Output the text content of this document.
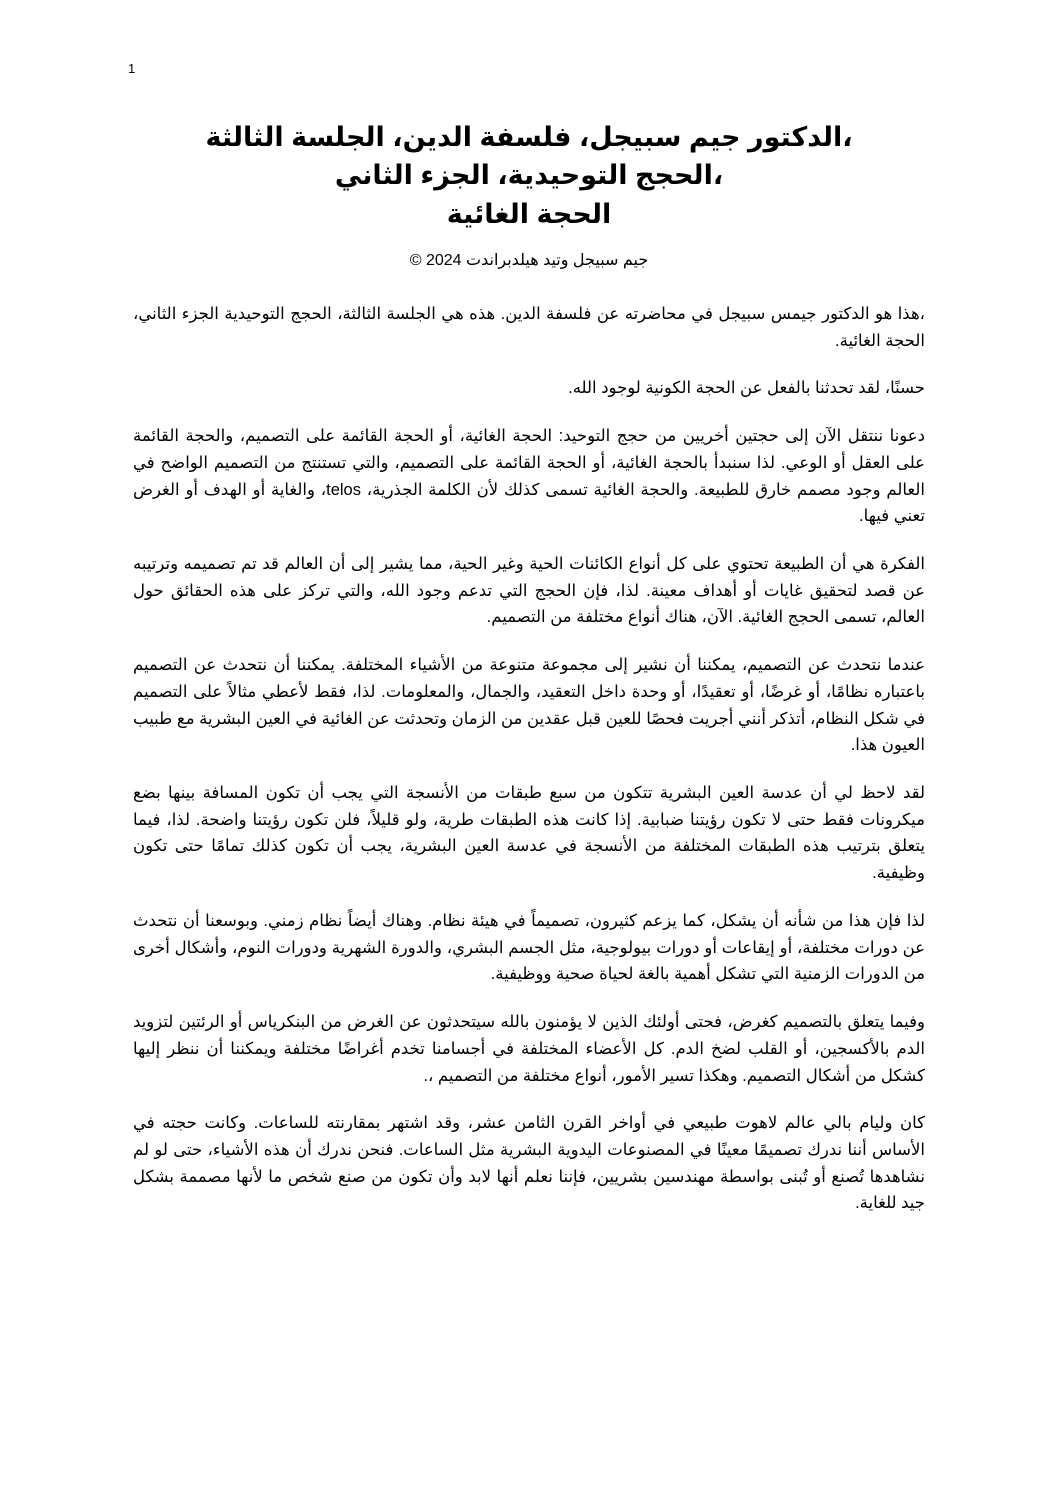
1
،الدكتور جيم سبيجل، فلسفة الدين، الجلسة الثالثة
،الحجج التوحيدية، الجزء الثاني
الحجة الغائية

جيم سبيجل وتيد هيلدبراندت 2024 ©

،هذا هو الدكتور جيمس سبيجل في محاضرته عن فلسفة الدين. هذه هي الجلسة الثالثة، الحجج التوحيدية الجزء الثاني، الحجة الغائية.

حسنًا، لقد تحدثنا بالفعل عن الحجة الكونية لوجود الله.

دعونا ننتقل الآن إلى حجتين أخريين من حجج التوحيد: الحجة الغائية، أو الحجة القائمة على التصميم، والحجة القائمة على العقل أو الوعي. لذا سنبدأ بالحجة الغائية، أو الحجة القائمة على التصميم، والتي تستنتج من التصميم الواضح في العالم وجود مصمم خارق للطبيعة. والحجة الغائية تسمى كذلك لأن الكلمة الجذرية، telos، والغاية أو الهدف أو الغرض تعني فيها.

الفكرة هي أن الطبيعة تحتوي على كل أنواع الكائنات الحية وغير الحية، مما يشير إلى أن العالم قد تم تصميمه وترتيبه عن قصد لتحقيق غايات أو أهداف معينة. لذا، فإن الحجج التي تدعم وجود الله، والتي تركز على هذه الحقائق حول العالم، تسمى الحجج الغائية. الآن، هناك أنواع مختلفة من التصميم.

عندما نتحدث عن التصميم، يمكننا أن نشير إلى مجموعة متنوعة من الأشياء المختلفة. يمكننا أن نتحدث عن التصميم باعتباره نظامًا، أو غرضًا، أو تعقيدًا، أو وحدة داخل التعقيد، والجمال، والمعلومات. لذا، فقط لأعطي مثالاً على التصميم في شكل النظام، أتذكر أنني أجريت فحصًا للعين قبل عقدين من الزمان وتحدثت عن الغائية في العين البشرية مع طبيب العيون هذا.

لقد لاحظ لي أن عدسة العين البشرية تتكون من سبع طبقات من الأنسجة التي يجب أن تكون المسافة بينها بضع ميكرونات فقط حتى لا تكون رؤيتنا ضبابية. إذا كانت هذه الطبقات طرية، ولو قليلاً، فلن تكون رؤيتنا واضحة. لذا، فيما يتعلق بترتيب هذه الطبقات المختلفة من الأنسجة في عدسة العين البشرية، يجب أن تكون كذلك تمامًا حتى تكون وظيفية.

لذا فإن هذا من شأنه أن يشكل، كما يزعم كثيرون، تصميماً في هيئة نظام. وهناك أيضاً نظام زمني. وبوسعنا أن نتحدث عن دورات مختلفة، أو إيقاعات أو دورات بيولوجية، مثل الجسم البشري، والدورة الشهرية ودورات النوم، وأشكال أخرى من الدورات الزمنية التي تشكل أهمية بالغة لحياة صحية ووظيفية.

وفيما يتعلق بالتصميم كغرض، فحتى أولئك الذين لا يؤمنون بالله سيتحدثون عن الغرض من البنكرياس أو الرئتين لتزويد الدم بالأكسجين، أو القلب لضخ الدم. كل الأعضاء المختلفة في أجسامنا تخدم أغراضًا مختلفة ويمكننا أن ننظر إليها كشكل من أشكال التصميم. وهكذا تسير الأمور، أنواع مختلفة من التصميم ،.

كان وليام بالي عالم لاهوت طبيعي في أواخر القرن الثامن عشر، وقد اشتهر بمقارنته للساعات. وكانت حجته في الأساس أننا ندرك تصميمًا معينًا في المصنوعات اليدوية البشرية مثل الساعات. فنحن ندرك أن هذه الأشياء، حتى لو لم نشاهدها تُصنع أو تُبنى بواسطة مهندسين بشريين، فإننا نعلم أنها لابد وأن تكون من صنع شخص ما لأنها مصممة بشكل جيد للغاية.
